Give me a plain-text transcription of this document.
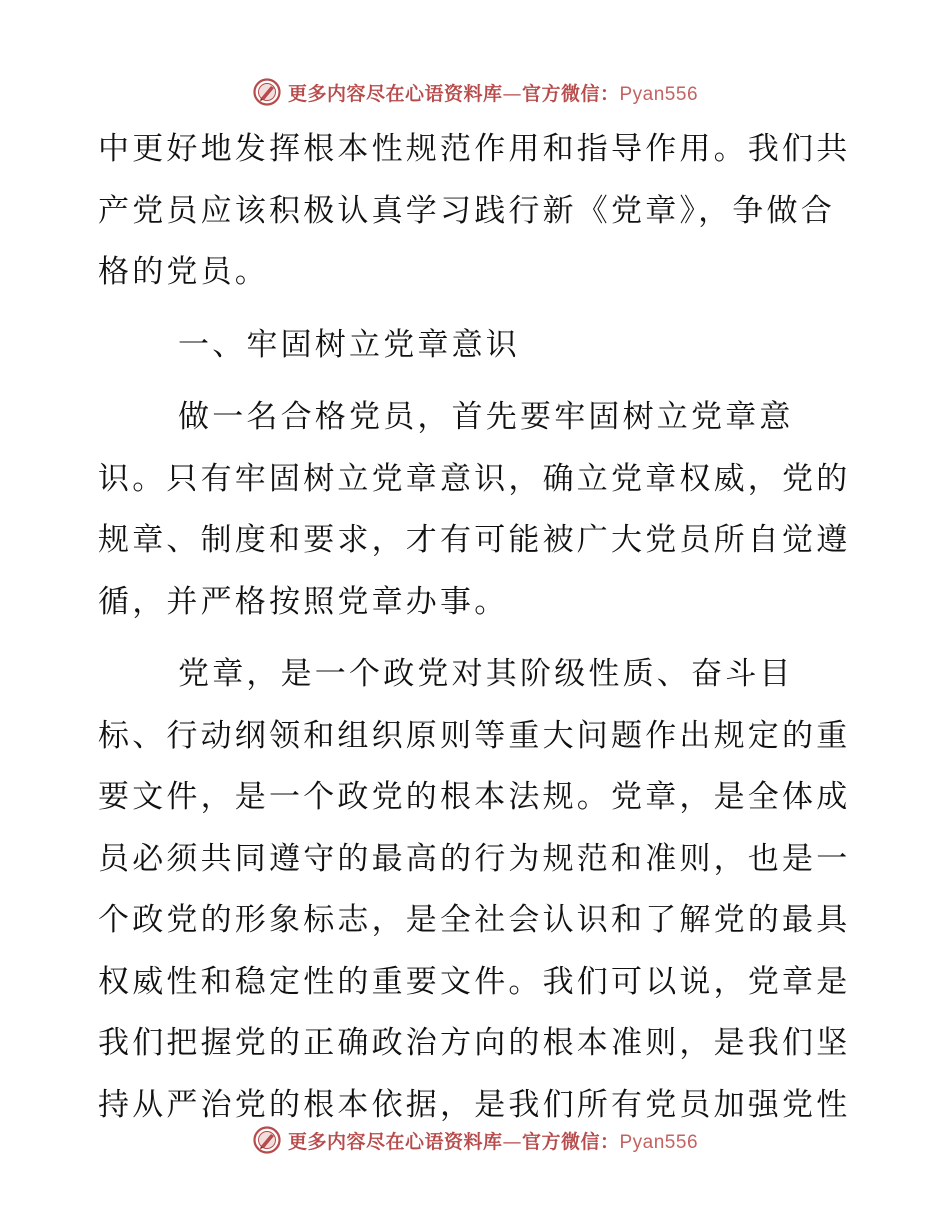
更多内容尽在心语资料库—官方微信：Pyan556
中更好地发挥根本性规范作用和指导作用。我们共
产党员应该积极认真学习践行新《党章》，争做合
格的党员。
一、牢固树立党章意识
做一名合格党员，首先要牢固树立党章意
识。只有牢固树立党章意识，确立党章权威，党的
规章、制度和要求，才有可能被广大党员所自觉遵
循，并严格按照党章办事。
党章，是一个政党对其阶级性质、奋斗目
标、行动纲领和组织原则等重大问题作出规定的重
要文件，是一个政党的根本法规。党章，是全体成
员必须共同遵守的最高的行为规范和准则，也是一
个政党的形象标志，是全社会认识和了解党的最具
权威性和稳定性的重要文件。我们可以说，党章是
我们把握党的正确政治方向的根本准则，是我们坚
持从严治党的根本依据，是我们所有党员加强党性
更多内容尽在心语资料库—官方微信：Pyan556
